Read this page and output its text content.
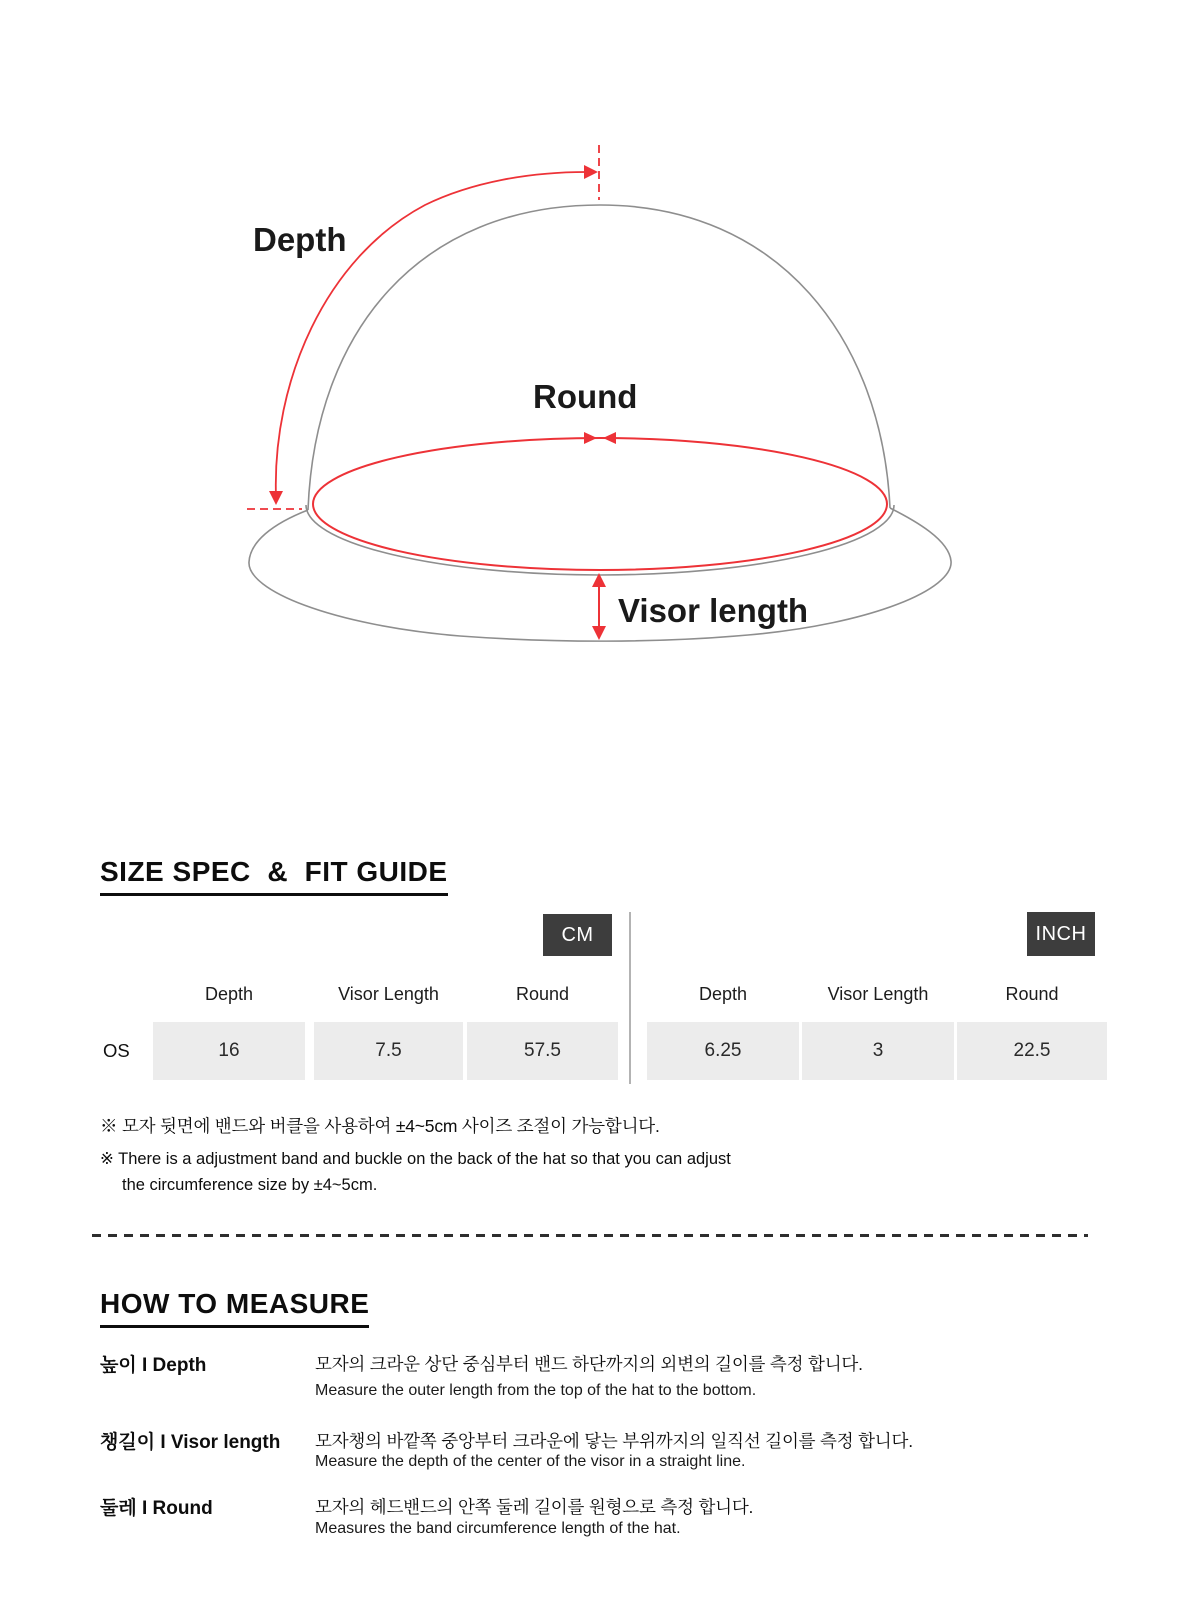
Depth
Round
Visor length
SIZE SPEC  &  FIT GUIDE
CM	INCH
Depth	Visor Length	Round	Depth	Visor Length	Round
OS	16	7.5	57.5	6.25	3	22.5
※ 모자 뒷면에 밴드와 버클을 사용하여 ±4~5cm 사이즈 조절이 가능합니다.
※ There is a adjustment band and buckle on the back of the hat so that you can adjust
the circumference size by ±4~5cm.
HOW TO MEASURE
높이 I Depth	모자의 크라운 상단 중심부터 밴드 하단까지의 외변의 길이를 측정 합니다.
Measure the outer length from the top of the hat to the bottom.
챙길이 I Visor length 모자챙의 바깥쪽 중앙부터 크라운에 닿는 부위까지의 일직선 길이를 측정 합니다.
Measure the depth of the center of the visor in a straight line.
둘레 I Round	모자의 헤드밴드의 안쪽 둘레 길이를 원형으로 측정 합니다.
Measures the band circumference length of the hat.
